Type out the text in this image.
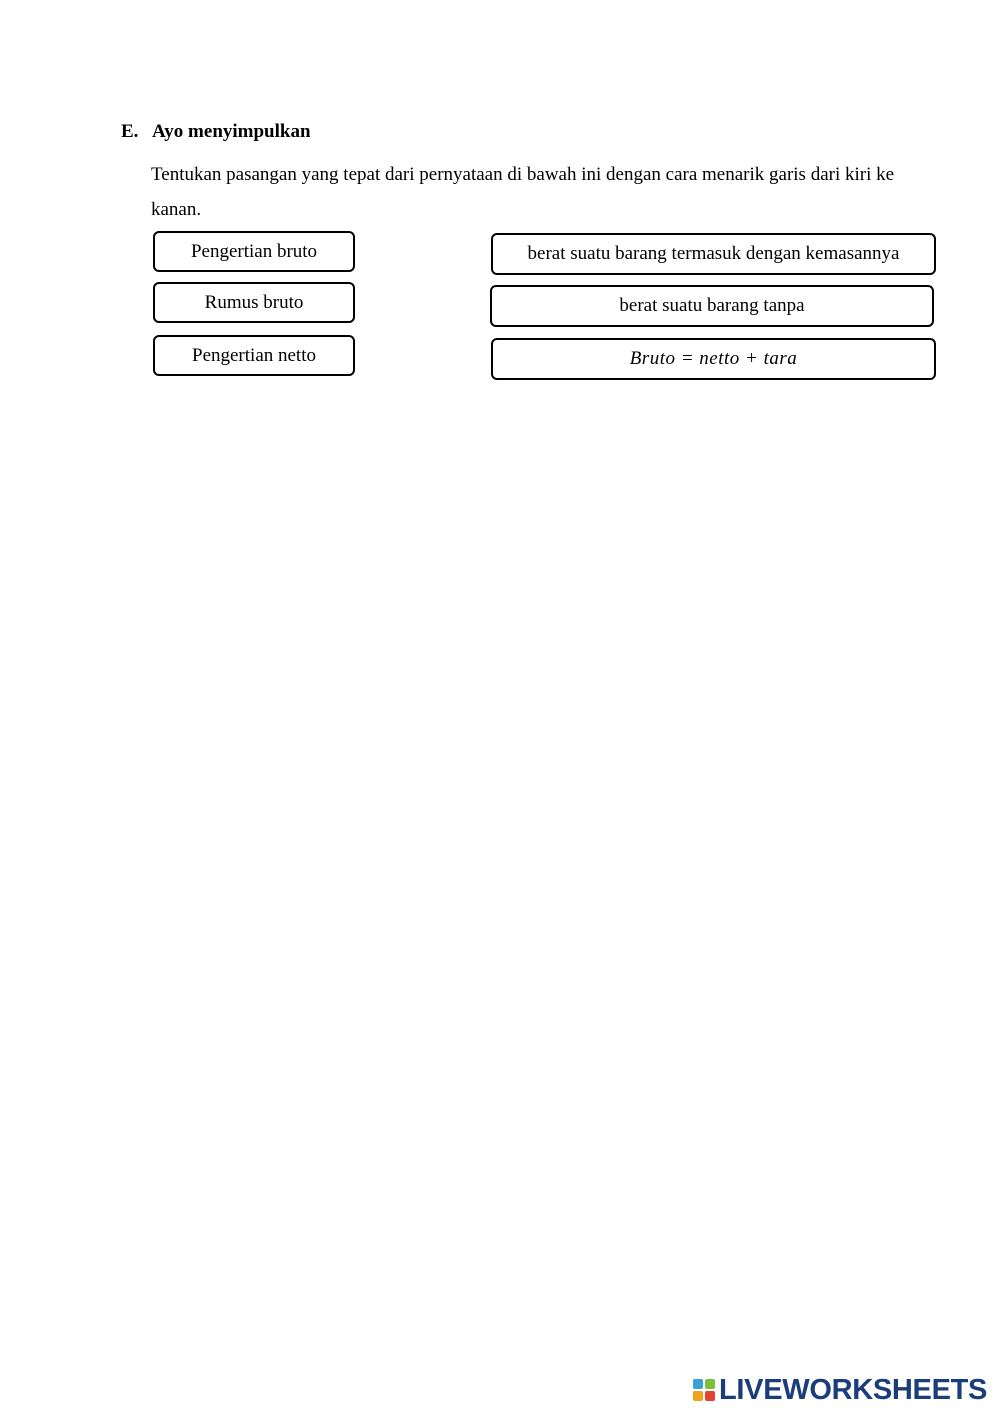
E. Ayo menyimpulkan
Tentukan pasangan yang tepat dari pernyataan di bawah ini dengan cara menarik garis dari kiri ke kanan.
Pengertian bruto
Rumus bruto
Pengertian netto
berat suatu barang termasuk dengan kemasannya
berat suatu barang tanpa
Bruto = netto + tara
LIVEWORKSHEETS
